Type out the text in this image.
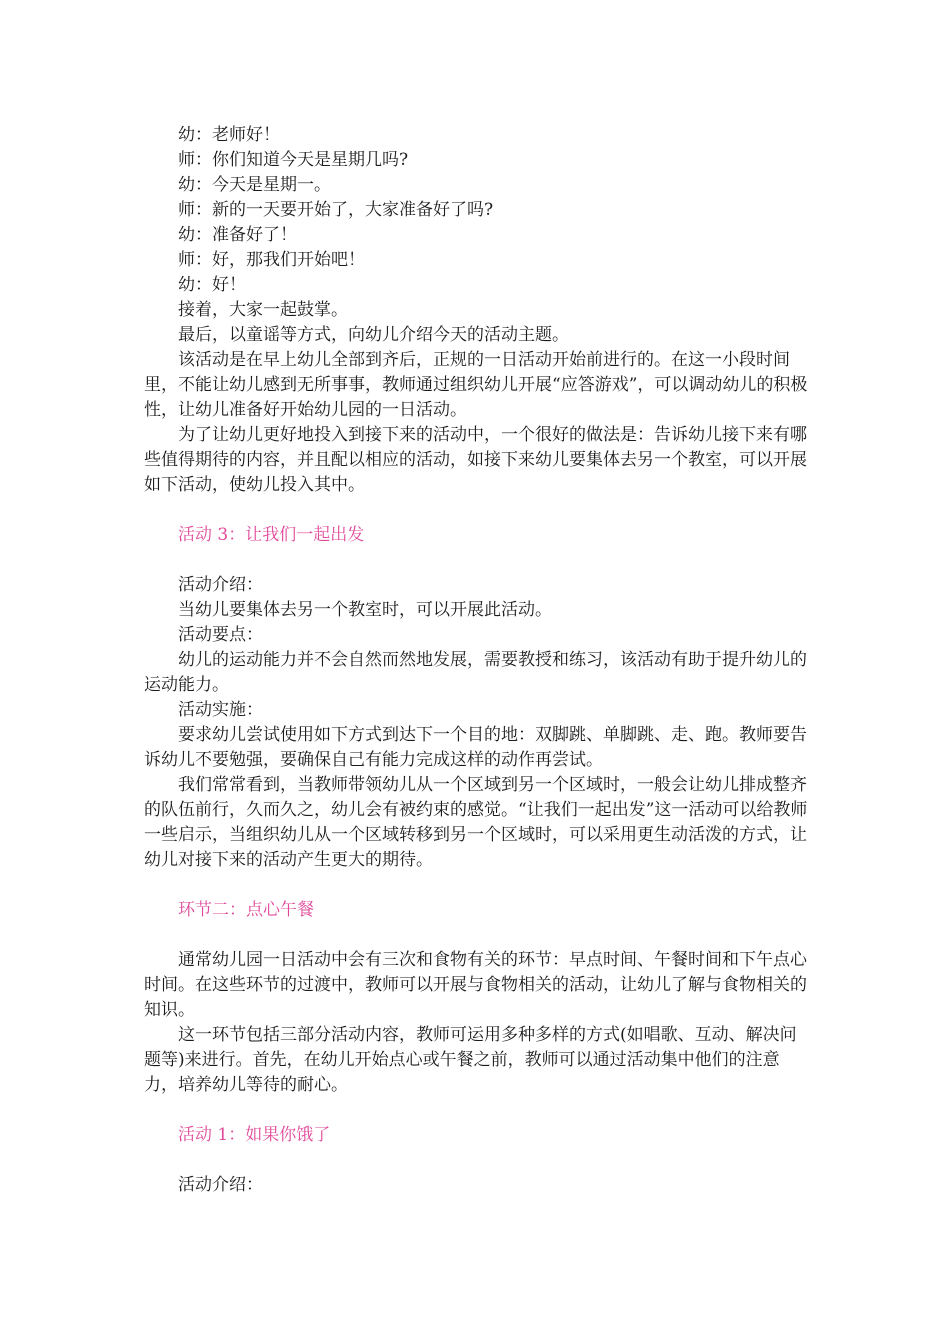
幼：老师好！
师：你们知道今天是星期几吗?
幼：今天是星期一。
师：新的一天要开始了，大家准备好了吗?
幼：准备好了！
师：好，那我们开始吧！
幼：好！
接着，大家一起鼓掌。
最后，以童谣等方式，向幼儿介绍今天的活动主题。

该活动是在早上幼儿全部到齐后，正规的一日活动开始前进行的。在这一小段时间里，不能让幼儿感到无所事事，教师通过组织幼儿开展“应答游戏”，可以调动幼儿的积极性，让幼儿准备好开始幼儿园的一日活动。

为了让幼儿更好地投入到接下来的活动中，一个很好的做法是：告诉幼儿接下来有哪些值得期待的内容，并且配以相应的活动，如接下来幼儿要集体去另一个教室，可以开展如下活动，使幼儿投入其中。

活动 3：让我们一起出发

活动介绍：
当幼儿要集体去另一个教室时，可以开展此活动。
活动要点：

幼儿的运动能力并不会自然而然地发展，需要教授和练习，该活动有助于提升幼儿的运动能力。

活动实施：

要求幼儿尝试使用如下方式到达下一个目的地：双脚跳、单脚跳、走、跑。教师要告诉幼儿不要勉强，要确保自己有能力完成这样的动作再尝试。

我们常常看到，当教师带领幼儿从一个区域到另一个区域时，一般会让幼儿排成整齐的队伍前行，久而久之，幼儿会有被约束的感觉。“让我们一起出发”这一活动可以给教师一些启示，当组织幼儿从一个区域转移到另一个区域时，可以采用更生动活泼的方式，让幼儿对接下来的活动产生更大的期待。

环节二：点心午餐

通常幼儿园一日活动中会有三次和食物有关的环节：早点时间、午餐时间和下午点心时间。在这些环节的过渡中，教师可以开展与食物相关的活动，让幼儿了解与食物相关的知识。

这一环节包括三部分活动内容，教师可运用多种多样的方式(如唱歌、互动、解决问题等)来进行。首先，在幼儿开始点心或午餐之前，教师可以通过活动集中他们的注意力，培养幼儿等待的耐心。

活动 1：如果你饿了

活动介绍：
